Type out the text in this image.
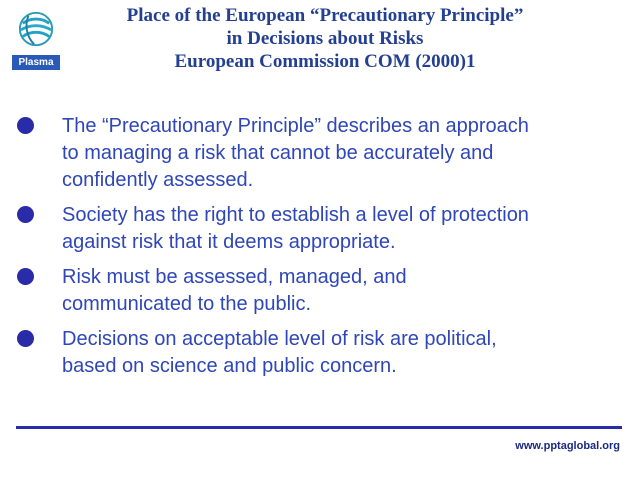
Plasma
Place of the European “Precautionary Principle”
in Decisions about Risks
European Commission COM (2000)1
The “Precautionary Principle” describes an approach
to managing a risk that cannot be accurately and
confidently assessed.
Society has the right to establish a level of protection
against risk that it deems appropriate.
Risk must be assessed, managed, and
communicated to the public.
Decisions on acceptable level of risk are political,
based on science and public concern.
www.pptaglobal.org
